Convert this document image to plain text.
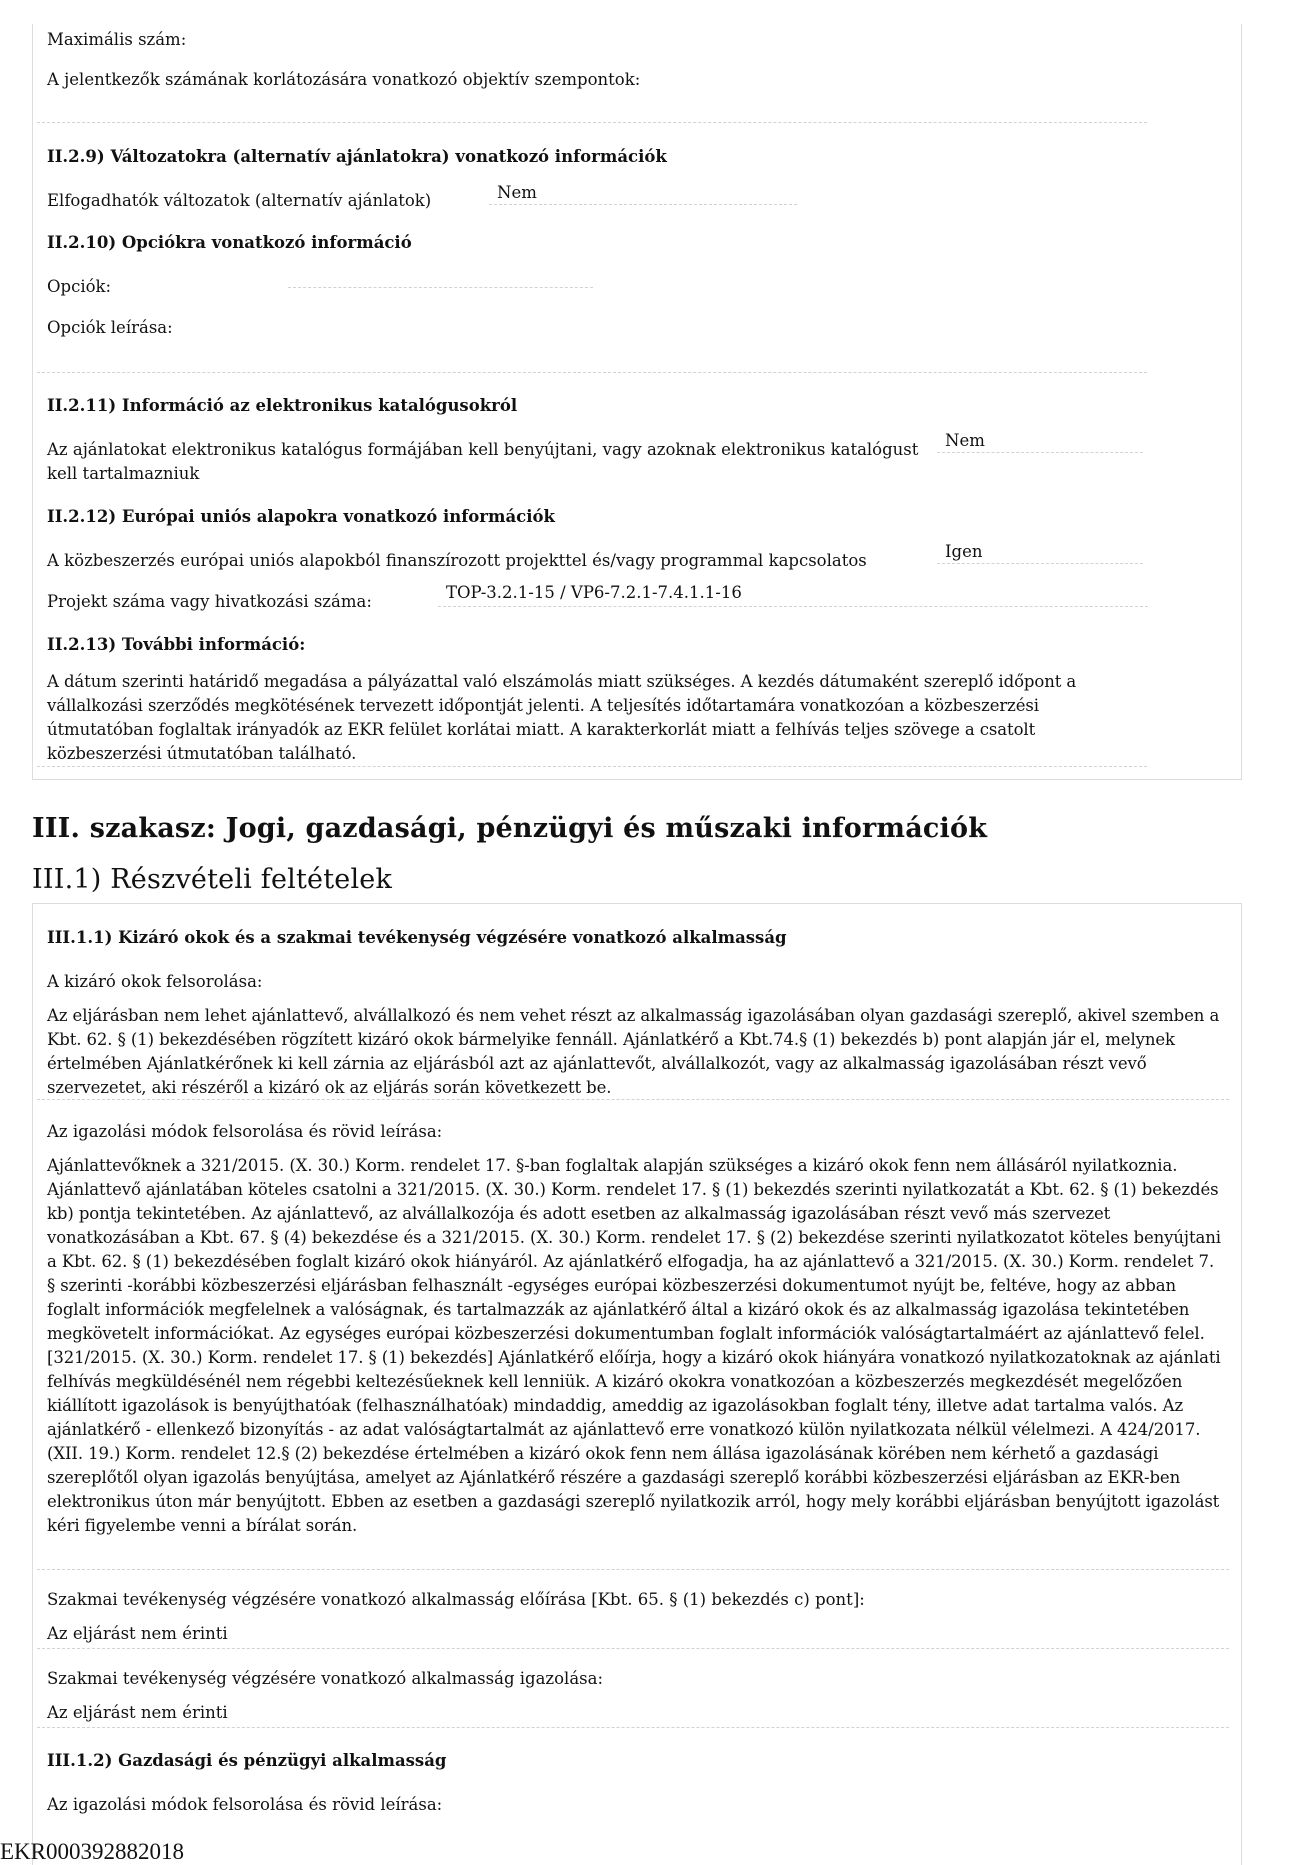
Maximális szám:
A jelentkezők számának korlátozására vonatkozó objektív szempontok:
II.2.9) Változatokra (alternatív ajánlatokra) vonatkozó információk
Elfogadhatók változatok (alternatív ajánlatok)	Nem
II.2.10) Opciókra vonatkozó információ
Opciók:
Opciók leírása:
II.2.11) Információ az elektronikus katalógusokról
Az ajánlatokat elektronikus katalógus formájában kell benyújtani, vagy azoknak elektronikus katalógust
kell tartalmazniuk
Nem
II.2.12) Európai uniós alapokra vonatkozó információk
A közbeszerzés európai uniós alapokból finanszírozott projekttel és/vagy programmal kapcsolatos	Igen
Projekt száma vagy hivatkozási száma:	TOP-3.2.1-15 / VP6-7.2.1-7.4.1.1-16
II.2.13) További információ:
A dátum szerinti határidő megadása a pályázattal való elszámolás miatt szükséges. A kezdés dátumaként szereplő időpont a vállalkozási szerződés megkötésének tervezett időpontját jelenti. A teljesítés időtartamára vonatkozóan a közbeszerzési útmutatóban foglaltak irányadók az EKR felület korlátai miatt. A karakterkorlát miatt a felhívás teljes szövege a csatolt közbeszerzési útmutatóban található.
III. szakasz: Jogi, gazdasági, pénzügyi és műszaki információk
III.1) Részvételi feltételek
III.1.1) Kizáró okok és a szakmai tevékenység végzésére vonatkozó alkalmasság
A kizáró okok felsorolása:
Az eljárásban nem lehet ajánlattevő, alvállalkozó és nem vehet részt az alkalmasság igazolásában olyan gazdasági szereplő, akivel szemben a Kbt. 62. § (1) bekezdésében rögzített kizáró okok bármelyike fennáll. Ajánlatkérő a Kbt.74.§ (1) bekezdés b) pont alapján jár el, melynek értelmében Ajánlatkérőnek ki kell zárnia az eljárásból azt az ajánlattevőt, alvállalkozót, vagy az alkalmasság igazolásában részt vevő szervezetet, aki részéről a kizáró ok az eljárás során következett be.
Az igazolási módok felsorolása és rövid leírása:
Ajánlattevőknek a 321/2015. (X. 30.) Korm. rendelet 17. §-ban foglaltak alapján szükséges a kizáró okok fenn nem állásáról nyilatkoznia. Ajánlattevő ajánlatában köteles csatolni a 321/2015. (X. 30.) Korm. rendelet 17. § (1) bekezdés szerinti nyilatkozatát a Kbt. 62. § (1) bekezdés kb) pontja tekintetében. Az ajánlattevő, az alvállalkozója és adott esetben az alkalmasság igazolásában részt vevő más szervezet vonatkozásában a Kbt. 67. § (4) bekezdése és a 321/2015. (X. 30.) Korm. rendelet 17. § (2) bekezdése szerinti nyilatkozatot köteles benyújtani a Kbt. 62. § (1) bekezdésében foglalt kizáró okok hiányáról. Az ajánlatkérő elfogadja, ha az ajánlattevő a 321/2015. (X. 30.) Korm. rendelet 7. § szerinti -korábbi közbeszerzési eljárásban felhasznált -egységes európai közbeszerzési dokumentumot nyújt be, feltéve, hogy az abban foglalt információk megfelelnek a valóságnak, és tartalmazzák az ajánlatkérő által a kizáró okok és az alkalmasság igazolása tekintetében megkövetelt információkat. Az egységes európai közbeszerzési dokumentumban foglalt információk valóságtartalmáért az ajánlattevő felel. [321/2015. (X. 30.) Korm. rendelet 17. § (1) bekezdés] Ajánlatkérő előírja, hogy a kizáró okok hiányára vonatkozó nyilatkozatoknak az ajánlati felhívás megküldésénél nem régebbi keltezésűeknek kell lenniük. A kizáró okokra vonatkozóan a közbeszerzés megkezdését megelőzően kiállított igazolások is benyújthatóak (felhasználhatóak) mindaddig, ameddig az igazolásokban foglalt tény, illetve adat tartalma valós. Az ajánlatkérő - ellenkező bizonyítás - az adat valóságtartalmát az ajánlattevő erre vonatkozó külön nyilatkozata nélkül vélelmezi. A 424/2017. (XII. 19.) Korm. rendelet 12.§ (2) bekezdése értelmében a kizáró okok fenn nem állása igazolásának körében nem kérhető a gazdasági szereplőtől olyan igazolás benyújtása, amelyet az Ajánlatkérő részére a gazdasági szereplő korábbi közbeszerzési eljárásban az EKR-ben elektronikus úton már benyújtott. Ebben az esetben a gazdasági szereplő nyilatkozik arról, hogy mely korábbi eljárásban benyújtott igazolást kéri figyelembe venni a bírálat során.
Szakmai tevékenység végzésére vonatkozó alkalmasság előírása [Kbt. 65. § (1) bekezdés c) pont]:
Az eljárást nem érinti
Szakmai tevékenység végzésére vonatkozó alkalmasság igazolása:
Az eljárást nem érinti
III.1.2) Gazdasági és pénzügyi alkalmasság
Az igazolási módok felsorolása és rövid leírása:
EKR000392882018
